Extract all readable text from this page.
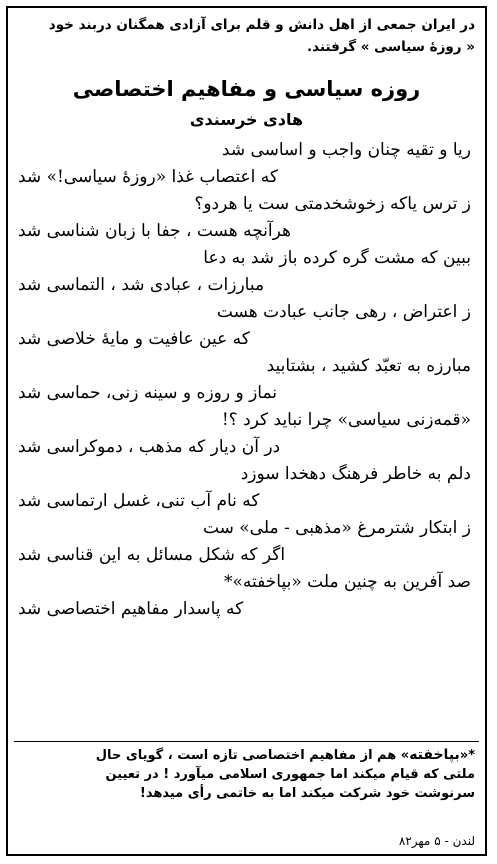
در ایران جمعی از اهل دانش و قلم برای آزادی همگنان دربند خود
« روزهٔ سیاسی » گرفتند.
روزه سیاسی و مفاهیم اختصاصی
هادی خرسندی
ریا و تقیه چنان واجب و اساسی شد
که اعتصاب غذا «روزهٔ سیاسی!» شد
ز ترس یاکه زخوشخدمتی ست یا هردو؟
هرآنچه هست ، جفا با زبان شناسی شد
ببین که مشت گره کرده باز شد به دعا
مبارزات ، عبادی شد ، التماسی شد
ز اعتراض ، رهی جانب عبادت هست
که عین عافیت و مایهٔ خلاصی شد
مبارزه به تعبّد کشید ، بشتابید
نماز و روزه و سینه زنی، حماسی شد
«قمه‌زنی سیاسی» چرا نباید کرد ؟!
در آن دیار که مذهب ، دموکراسی شد
دلم به خاطر فرهنگ دهخدا سوزد
که نام آب تنی، غسل ارتماسی شد
ز ابتکار شترمرغ «مذهبی - ملی» ست
اگر که شکل مسائل به این قناسی شد
صد آفرین به چنین ملت «بپاخفته»*
که پاسدار مفاهیم اختصاصی شد
*«بپاخفته» هم از مفاهیم اختصاصی تازه است ، گویای حال
ملتی که قیام میکند اما جمهوری اسلامی میآورد ! در تعیین
سرنوشت خود شرکت میکند اما به خاتمی رأی میدهد!
لندن - ۵ مهر۸۲
